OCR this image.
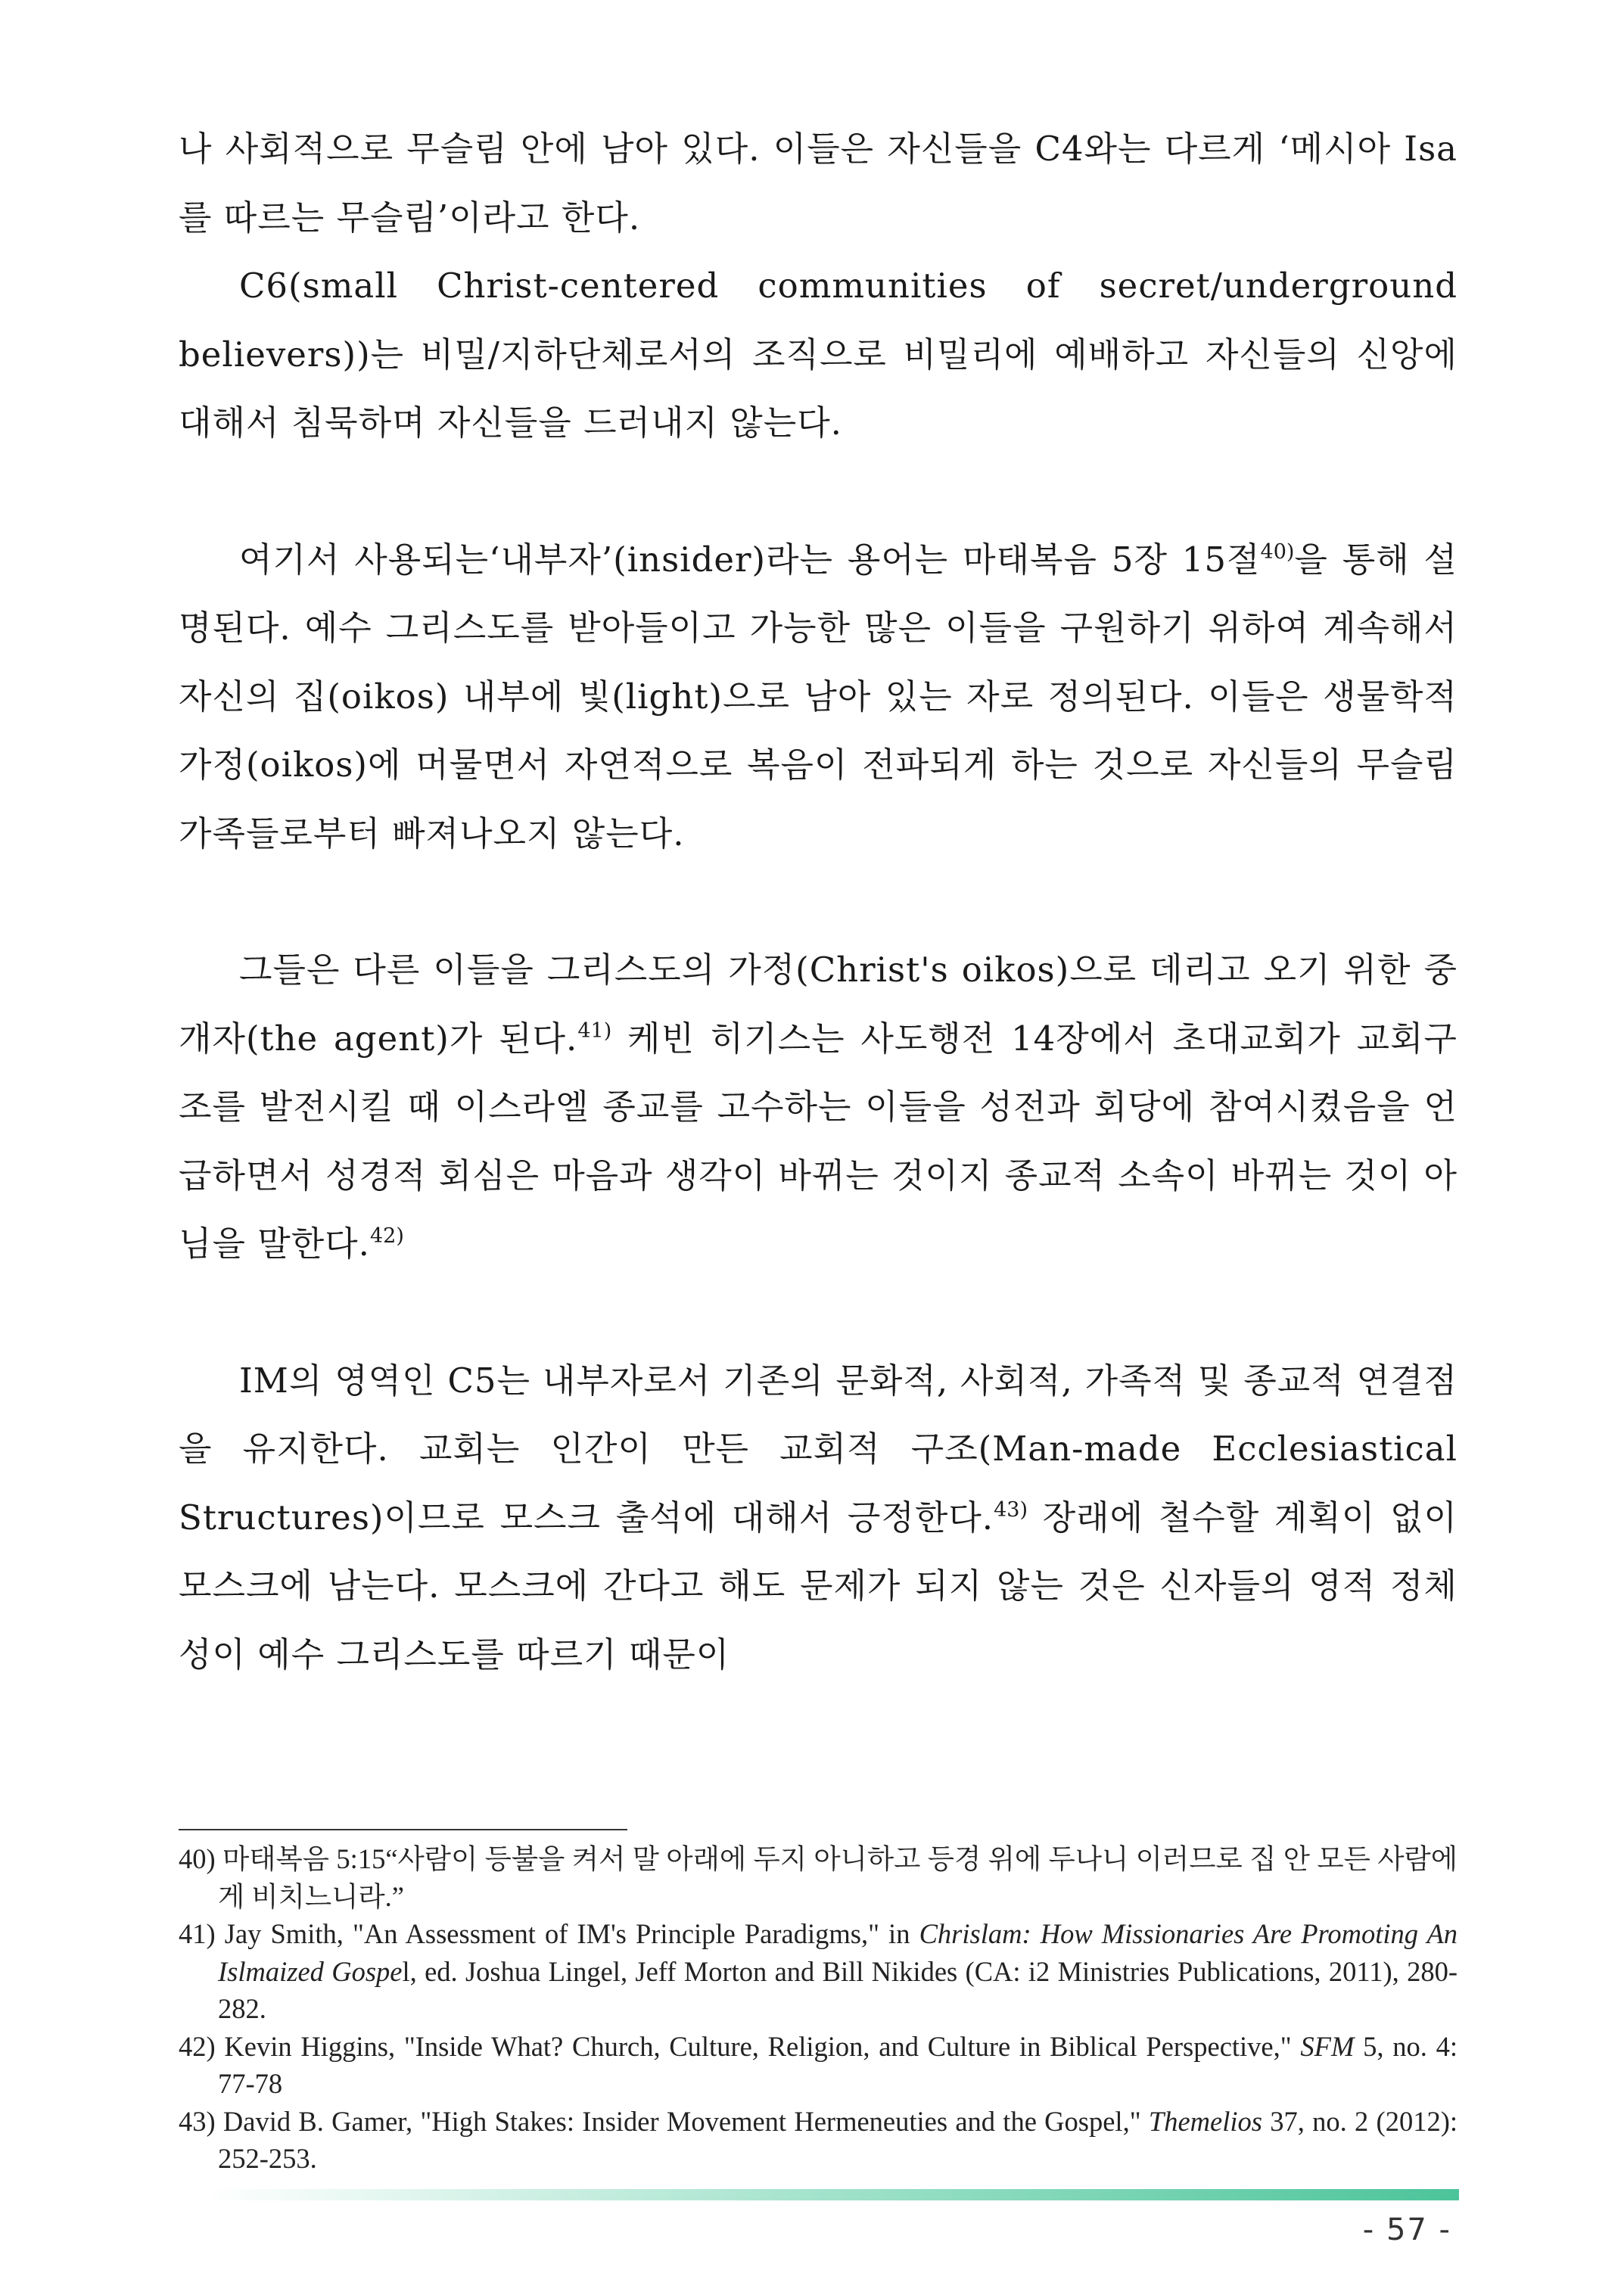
나 사회적으로 무슬림 안에 남아 있다. 이들은 자신들을 C4와는 다르게 ‘메시아 Isa를 따르는 무슬림’이라고 한다.

C6(small Christ-centered communities of secret/underground believers))는 비밀/지하단체로서의 조직으로 비밀리에 예배하고 자신들의 신앙에 대해서 침묵하며 자신들을 드러내지 않는다.

여기서 사용되는‘내부자’(insider)라는 용어는 마태복음 5장 15절$^{40)}$을 통해 설명된다. 예수 그리스도를 받아들이고 가능한 많은 이들을 구원하기 위하여 계속해서 자신의 집(oikos) 내부에 빛(light)으로 남아 있는 자로 정의된다. 이들은 생물학적 가정(oikos)에 머물면서 자연적으로 복음이 전파되게 하는 것으로 자신들의 무슬림 가족들로부터 빠져나오지 않는다.

그들은 다른 이들을 그리스도의 가정(Christ's oikos)으로 데리고 오기 위한 중개자(the agent)가 된다.$^{41)}$ 케빈 히기스는 사도행전 14장에서 초대교회가 교회구조를 발전시킬 때 이스라엘 종교를 고수하는 이들을 성전과 회당에 참여시켰음을 언급하면서 성경적 회심은 마음과 생각이 바뀌는 것이지 종교적 소속이 바뀌는 것이 아님을 말한다.$^{42)}$

IM의 영역인 C5는 내부자로서 기존의 문화적, 사회적, 가족적 및 종교적 연결점을 유지한다. 교회는 인간이 만든 교회적 구조(Man-made Ecclesiastical Structures)이므로 모스크 출석에 대해서 긍정한다.$^{43)}$ 장래에 철수할 계획이 없이 모스크에 남는다. 모스크에 간다고 해도 문제가 되지 않는 것은 신자들의 영적 정체성이 예수 그리스도를 따르기 때문이

40) 마태복음 5:15“사람이 등불을 켜서 말 아래에 두지 아니하고 등경 위에 두나니 이러므로 집 안 모든 사람에게 비치느니라.”

41) Jay Smith, "An Assessment of IM's Principle Paradigms," in Chrislam: How Missionaries Are Promoting An Islmaized Gospel, ed. Joshua Lingel, Jeff Morton and Bill Nikides (CA: i2 Ministries Publications, 2011), 280-282.

42) Kevin Higgins, "Inside What? Church, Culture, Religion, and Culture in Biblical Perspective," SFM 5, no. 4: 77-78

43) David B. Gamer, "High Stakes: Insider Movement Hermeneuties and the Gospel," Themelios 37, no. 2 (2012): 252-253.

- 57 -
